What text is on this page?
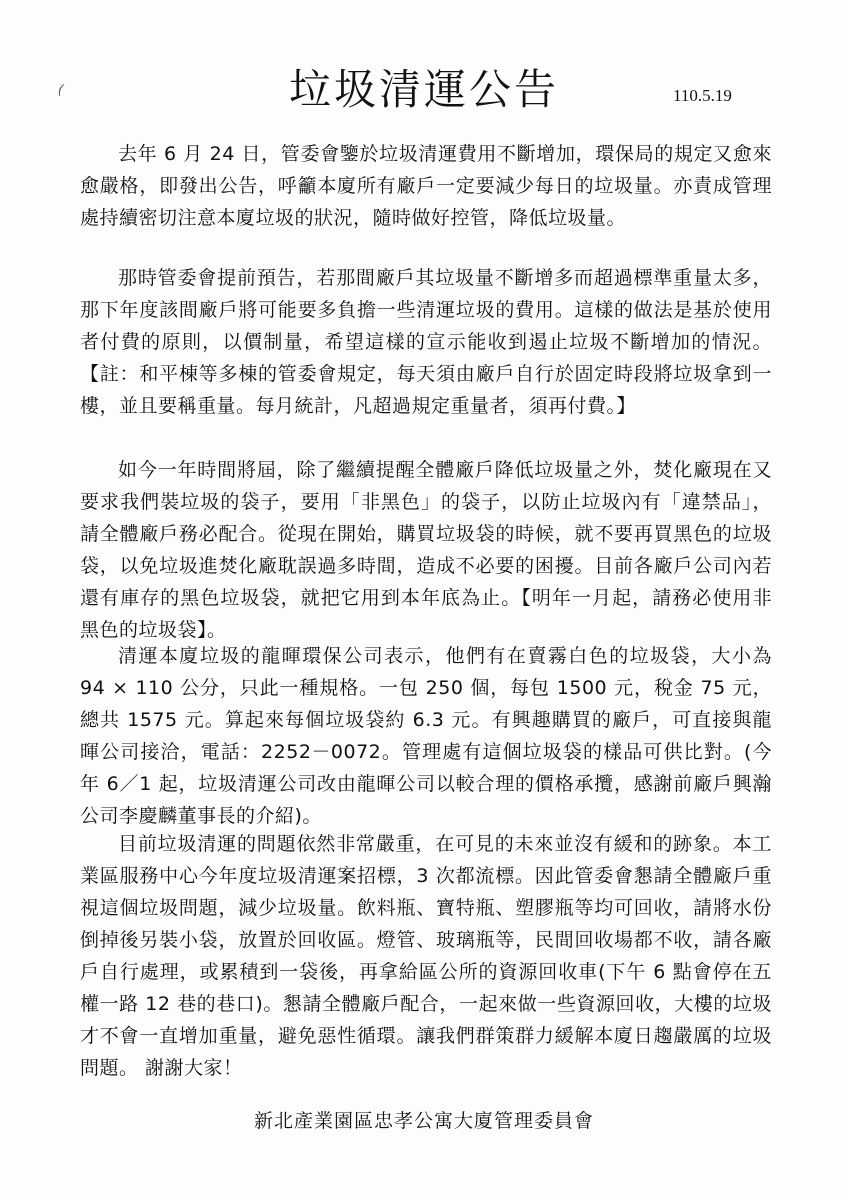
(	垃圾清運公告	110.5.19

去年 6 月 24 日，管委會鑒於垃圾清運費用不斷增加，環保局的規定又愈來愈嚴格，即發出公告，呼籲本廈所有廠戶一定要減少每日的垃圾量。亦責成管理處持續密切注意本廈垃圾的狀況，隨時做好控管，降低垃圾量。

那時管委會提前預告，若那間廠戶其垃圾量不斷增多而超過標準重量太多，那下年度該間廠戶將可能要多負擔一些清運垃圾的費用。這樣的做法是基於使用者付費的原則，以價制量，希望這樣的宣示能收到遏止垃圾不斷增加的情況。【註：和平棟等多棟的管委會規定，每天須由廠戶自行於固定時段將垃圾拿到一樓，並且要稱重量。每月統計，凡超過規定重量者，須再付費。】

如今一年時間將屆，除了繼續提醒全體廠戶降低垃圾量之外，焚化廠現在又要求我們裝垃圾的袋子，要用「非黑色」的袋子，以防止垃圾內有「違禁品」，請全體廠戶務必配合。從現在開始，購買垃圾袋的時候，就不要再買黑色的垃圾袋，以免垃圾進焚化廠耽誤過多時間，造成不必要的困擾。目前各廠戶公司內若還有庫存的黑色垃圾袋，就把它用到本年底為止。【明年一月起，請務必使用非黑色的垃圾袋】。

清運本廈垃圾的龍暉環保公司表示，他們有在賣霧白色的垃圾袋，大小為 94 × 110 公分，只此一種規格。一包 250 個，每包 1500 元，稅金 75 元，總共 1575 元。算起來每個垃圾袋約 6.3 元。有興趣購買的廠戶，可直接與龍暉公司接洽，電話：2252－0072。管理處有這個垃圾袋的樣品可供比對。(今年 6／1 起，垃圾清運公司改由龍暉公司以較合理的價格承攬，感謝前廠戶興瀚公司李慶麟董事長的介紹)。

目前垃圾清運的問題依然非常嚴重，在可見的未來並沒有緩和的跡象。本工業區服務中心今年度垃圾清運案招標，3 次都流標。因此管委會懇請全體廠戶重視這個垃圾問題，減少垃圾量。飲料瓶、寶特瓶、塑膠瓶等均可回收，請將水份倒掉後另裝小袋，放置於回收區。燈管、玻璃瓶等，民間回收場都不收，請各廠戶自行處理，或累積到一袋後，再拿給區公所的資源回收車(下午 6 點會停在五權一路 12 巷的巷口)。懇請全體廠戶配合，一起來做一些資源回收，大樓的垃圾才不會一直增加重量，避免惡性循環。讓我們群策群力緩解本廈日趨嚴厲的垃圾問題。 謝謝大家！

新北產業園區忠孝公寓大廈管理委員會
